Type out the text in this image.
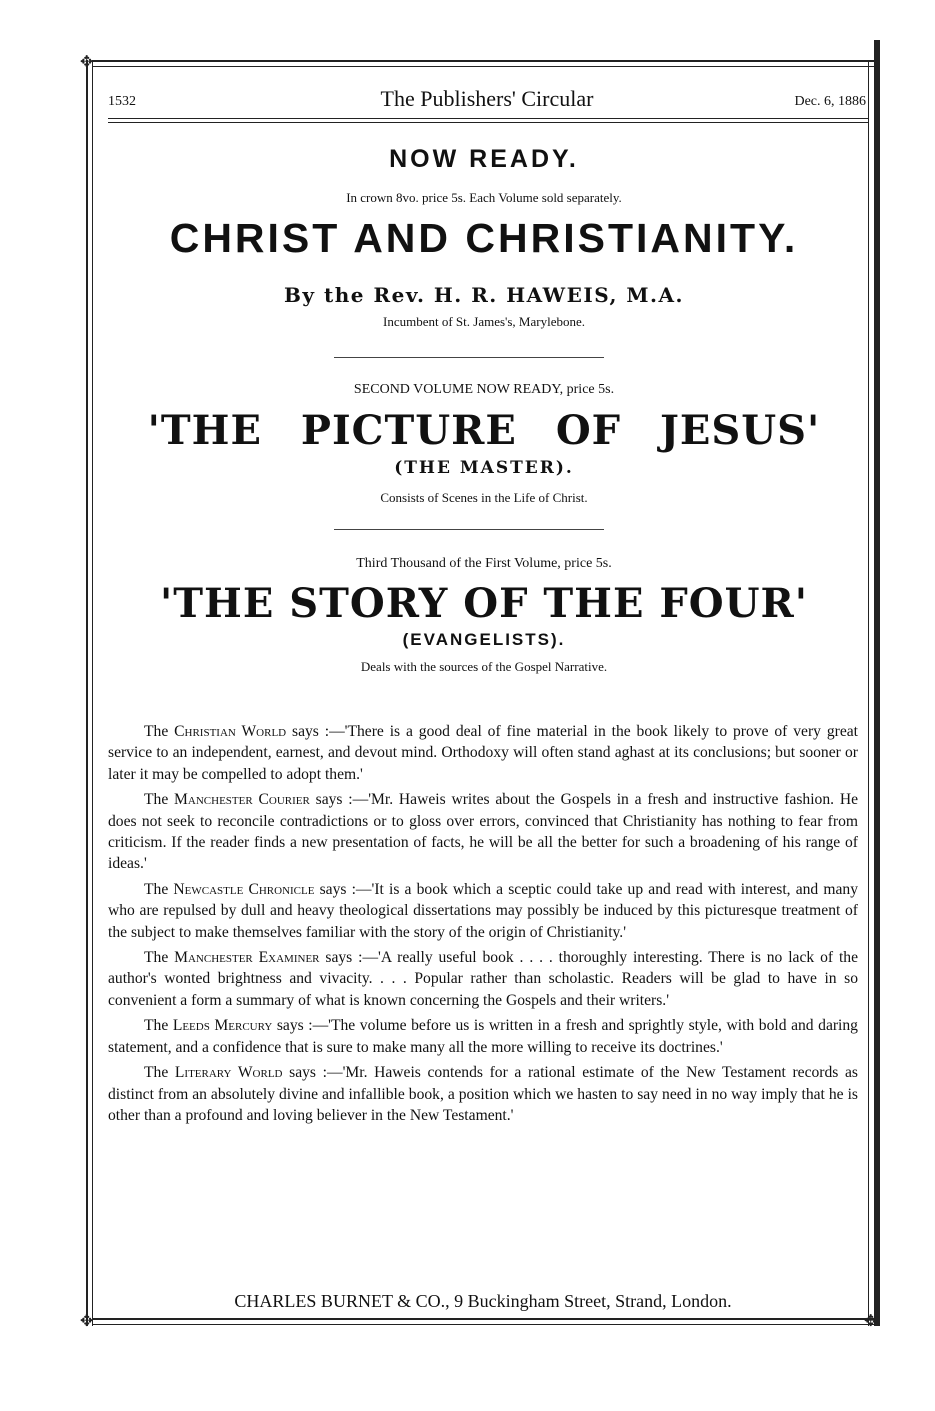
✥
✥	✥
1532	The Publishers' Circular	Dec. 6, 1886
NOW READY.
In crown 8vo. price 5s. Each Volume sold separately.
CHRIST AND CHRISTIANITY.
By the Rev. H. R. HAWEIS, M.A.
Incumbent of St. James's, Marylebone.
SECOND VOLUME NOW READY, price 5s.
'THE PICTURE OF JESUS'
(THE MASTER).
Consists of Scenes in the Life of Christ.
Third Thousand of the First Volume, price 5s.
'THE STORY OF THE FOUR'
(EVANGELISTS).
Deals with the sources of the Gospel Narrative.

The Christian World says :—'There is a good deal of fine material in the book likely to prove of very great service to an independent, earnest, and devout mind. Orthodoxy will often stand aghast at its conclusions; but sooner or later it may be compelled to adopt them.'

The Manchester Courier says :—'Mr. Haweis writes about the Gospels in a fresh and instructive fashion. He does not seek to reconcile contradictions or to gloss over errors, convinced that Christianity has nothing to fear from criticism. If the reader finds a new presentation of facts, he will be all the better for such a broadening of his range of ideas.'

The Newcastle Chronicle says :—'It is a book which a sceptic could take up and read with interest, and many who are repulsed by dull and heavy theological dissertations may possibly be induced by this picturesque treatment of the subject to make themselves familiar with the story of the origin of Christianity.'

The Manchester Examiner says :—'A really useful book . . . . thoroughly interesting. There is no lack of the author's wonted brightness and vivacity. . . . Popular rather than scholastic. Readers will be glad to have in so convenient a form a summary of what is known concerning the Gospels and their writers.'

The Leeds Mercury says :—'The volume before us is written in a fresh and sprightly style, with bold and daring statement, and a confidence that is sure to make many all the more willing to receive its doctrines.'

The Literary World says :—'Mr. Haweis contends for a rational estimate of the New Testament records as distinct from an absolutely divine and infallible book, a position which we hasten to say need in no way imply that he is other than a profound and loving believer in the New Testament.'

CHARLES BURNET & CO., 9 Buckingham Street, Strand, London.
